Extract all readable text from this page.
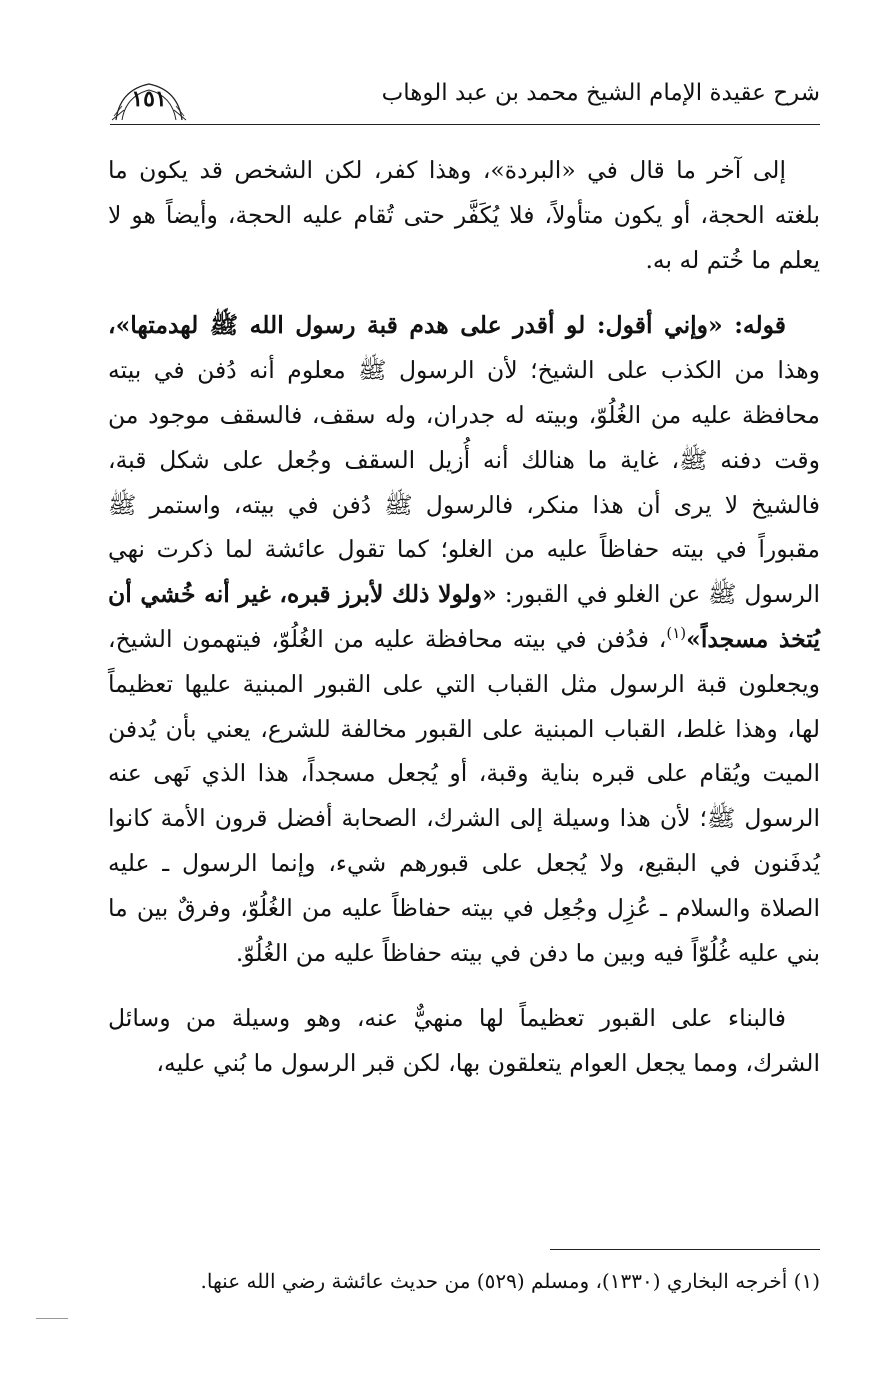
شرح عقيدة الإمام الشيخ محمد بن عبد الوهاب
١٥١

إلى آخر ما قال في «البردة»، وهذا كفر، لكن الشخص قد يكون ما بلغته الحجة، أو يكون متأولاً، فلا يُكَفَّر حتى تُقام عليه الحجة، وأيضاً هو لا يعلم ما خُتم له به.

قوله: «وإني أقول: لو أقدر على هدم قبة رسول الله ﷺ لهدمتها»، وهذا من الكذب على الشيخ؛ لأن الرسول ﷺ معلوم أنه دُفن في بيته محافظة عليه من الغُلُوّ، وبيته له جدران، وله سقف، فالسقف موجود من وقت دفنه ﷺ، غاية ما هنالك أنه أُزيل السقف وجُعل على شكل قبة، فالشيخ لا يرى أن هذا منكر، فالرسول ﷺ دُفن في بيته، واستمر ﷺ مقبوراً في بيته حفاظاً عليه من الغلو؛ كما تقول عائشة لما ذكرت نهي الرسول ﷺ عن الغلو في القبور: «ولولا ذلك لأبرز قبره، غير أنه خُشي أن يُتخذ مسجداً»$^{(١)}$، فدُفن في بيته محافظة عليه من الغُلُوّ، فيتهمون الشيخ، ويجعلون قبة الرسول مثل القباب التي على القبور المبنية عليها تعظيماً لها، وهذا غلط، القباب المبنية على القبور مخالفة للشرع، يعني بأن يُدفن الميت ويُقام على قبره بناية وقبة، أو يُجعل مسجداً، هذا الذي نَهى عنه الرسول ﷺ؛ لأن هذا وسيلة إلى الشرك، الصحابة أفضل قرون الأمة كانوا يُدفَنون في البقيع، ولا يُجعل على قبورهم شيء، وإنما الرسول ـ عليه الصلاة والسلام ـ عُزِل وجُعِل في بيته حفاظاً عليه من الغُلُوّ، وفرقٌ بين ما بني عليه غُلُوّاً فيه وبين ما دفن في بيته حفاظاً عليه من الغُلُوّ.

فالبناء على القبور تعظيماً لها منهيٌّ عنه، وهو وسيلة من وسائل الشرك، ومما يجعل العوام يتعلقون بها، لكن قبر الرسول ما بُني عليه،

(١) أخرجه البخاري (١٣٣٠)، ومسلم (٥٢٩) من حديث عائشة رضي الله عنها.
